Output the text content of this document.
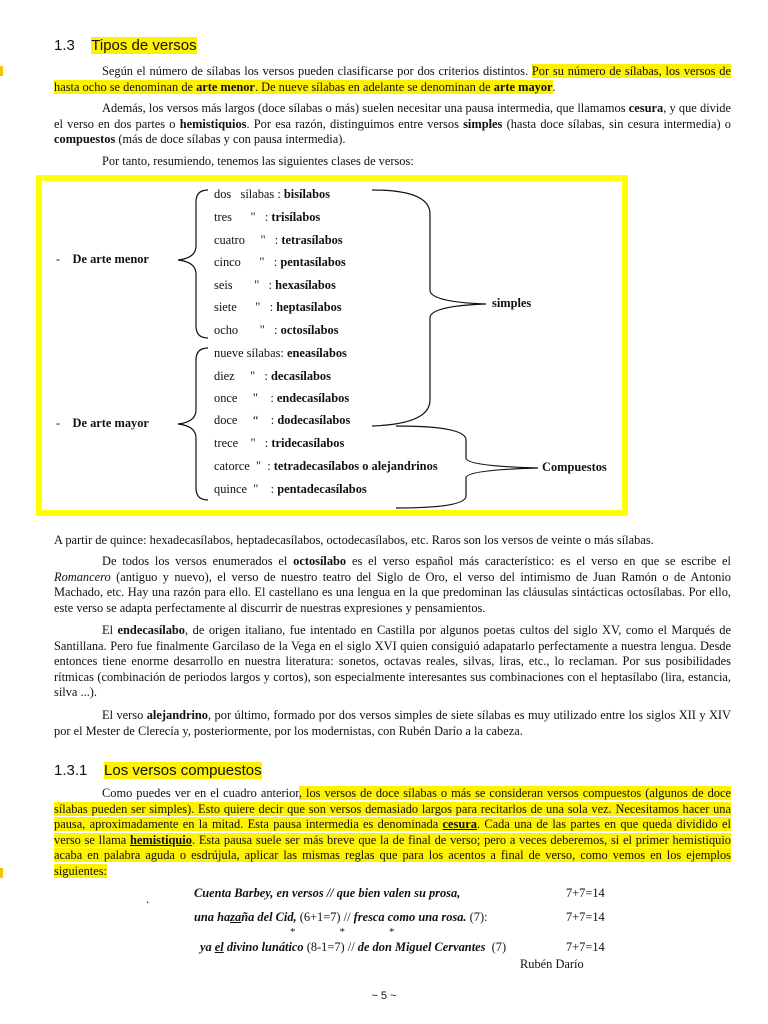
1.3 Tipos de versos

Según el número de sílabas los versos pueden clasificarse por dos criterios distintos. Por su número de sílabas, los versos de hasta ocho se denominan de arte menor. De nueve sílabas en adelante se denominan de arte mayor.

Además, los versos más largos (doce sílabas o más) suelen necesitar una pausa intermedia, que llamamos cesura, y que divide el verso en dos partes o hemistiquios. Por esa razón, distinguimos entre versos simples (hasta doce sílabas, sin cesura intermedia) o compuestos (más de doce sílabas y con pausa intermedia).

Por tanto, resumiendo, tenemos las siguientes clases de versos:

- De arte menor
- De arte mayor
simples
Compuestos
dos   sílabas : bisílabos
tres      "   : trisílabos
cuatro     "   : tetrasílabos
cinco      "   : pentasílabos
seis       "   : hexasílabos
siete      "   : heptasílabos
ocho       "   : octosílabos
nueve sílabas: eneasílabos
diez     "   : decasílabos
once     "    : endecasílabos
doce     “    : dodecasílabos
trece    "   : tridecasílabos
catorce  "  : tetradecasílabos o alejandrinos
quince  "    : pentadecasílabos

A partir de quince: hexadecasílabos, heptadecasílabos, octodecasílabos, etc. Raros son los versos de veinte o más sílabas.

De todos los versos enumerados el octosílabo es el verso español más característico: es el verso en que se escribe el Romancero (antiguo y nuevo), el verso de nuestro teatro del Siglo de Oro, el verso del intimismo de Juan Ramón o de Antonio Machado, etc. Hay una razón para ello. El castellano es una lengua en la que predominan las cláusulas sintácticas octosílabas. Por ello, este verso se adapta perfectamente al discurrir de nuestras expresiones y pensamientos.

El endecasílabo, de origen italiano, fue intentado en Castilla por algunos poetas cultos del siglo XV, como el Marqués de Santillana. Pero fue finalmente Garcilaso de la Vega en el siglo XVI quien consiguió adapatarlo perfectamente a nuestra lengua. Desde entonces tiene enorme desarrollo en nuestra literatura: sonetos, octavas reales, silvas, liras, etc., lo reclaman. Por sus posibilidades rítmicas (combinación de periodos largos y cortos), son especialmente interesantes sus combinaciones con el heptasílabo (lira, estancia, silva ...).

El verso alejandrino, por último, formado por dos versos simples de siete sílabas es muy utilizado entre los siglos XII y XIV por el Mester de Clerecía y, posteriormente, por los modernistas, con Rubén Darío a la cabeza.

1.3.1 Los versos compuestos

Como puedes ver en el cuadro anterior, los versos de doce sílabas o más se consideran versos compuestos (algunos de doce sílabas pueden ser simples). Esto quiere decir que son versos demasiado largos para recitarlos de una sola vez. Necesitamos hacer una pausa, aproximadamente en la mitad. Esta pausa intermedia es denominada cesura. Cada una de las partes en que queda dividido el verso se llama hemistiquio. Esta pausa suele ser más breve que la de final de verso; pero a veces deberemos, si el primer hemistiquio acaba en palabra aguda o esdrújula, aplicar las mismas reglas que para los acentos a final de verso, como vemos en los ejemplos siguientes:

.	Cuenta Barbey, en versos // que bien valen su prosa,	7+7=14
una hazaña del Cid, (6+1=7) // fresca como una rosa. (7):	7+7=14
*                *                *
ya el divino lunático (8-1=7) // de don Miguel Cervantes  (7)	7+7=14
Rubén Darío
~ 5 ~
